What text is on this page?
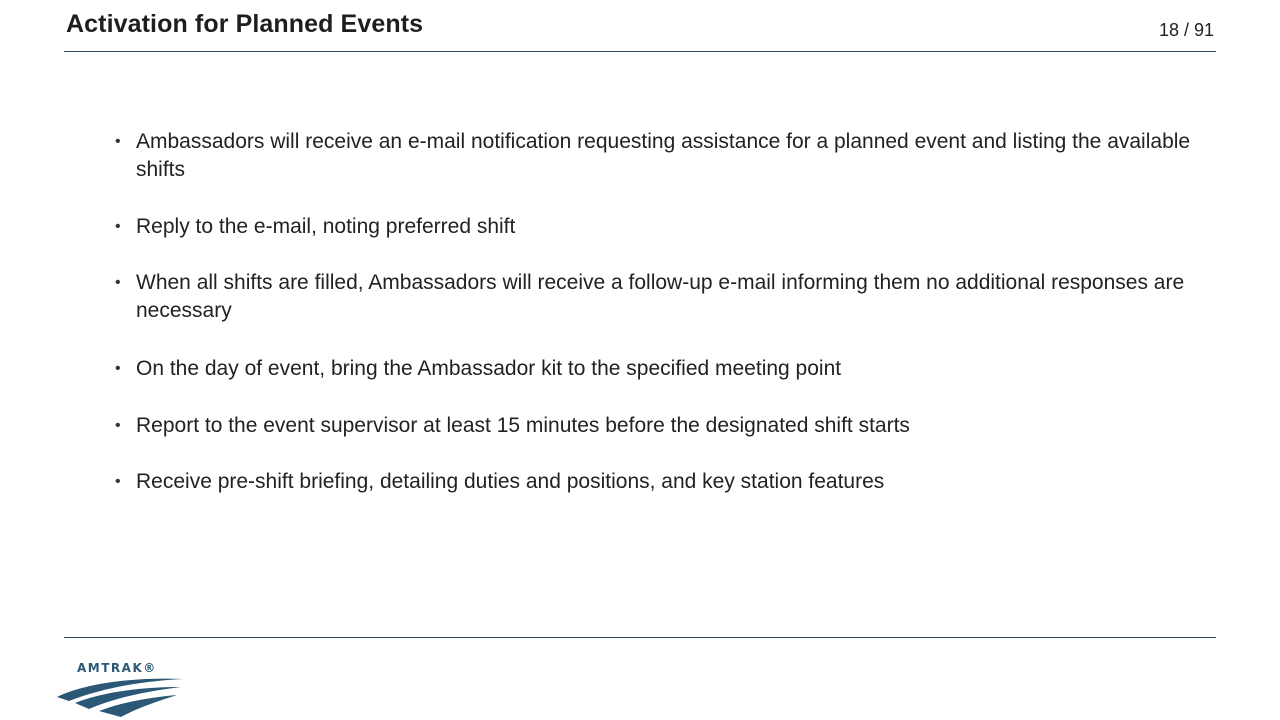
Activation for Planned Events	18 / 91
• Ambassadors will receive an e-mail notification requesting assistance for a planned event and listing the available shifts
• Reply to the e-mail, noting preferred shift
• When all shifts are filled, Ambassadors will receive a follow-up e-mail informing them no additional responses are necessary
• On the day of event, bring the Ambassador kit to the specified meeting point
• Report to the event supervisor at least 15 minutes before the designated shift starts
• Receive pre-shift briefing, detailing duties and positions, and key station features
AMTRAK®
